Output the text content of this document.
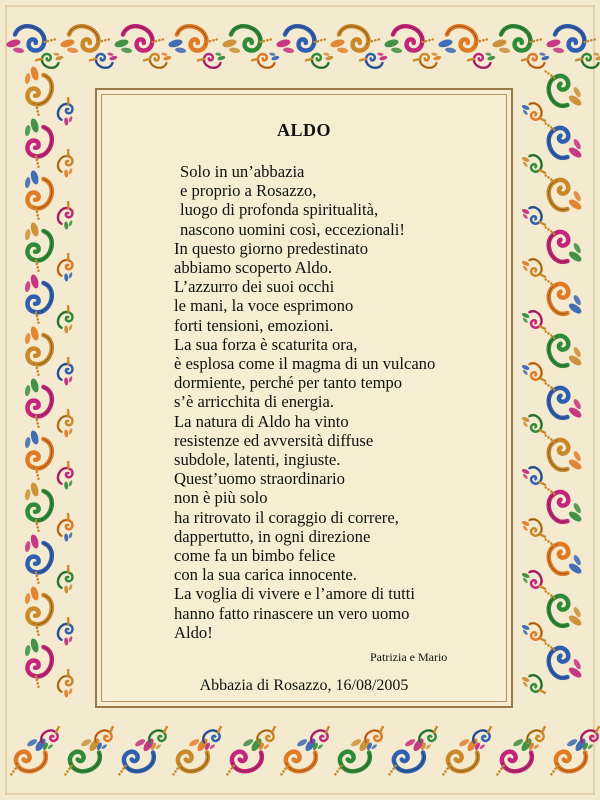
ALDO
Solo in un’abbazia
e proprio a Rosazzo,
luogo di profonda spiritualità,
nascono uomini così, eccezionali!
In questo giorno predestinato
abbiamo scoperto Aldo.
L’azzurro dei suoi occhi
le mani, la voce esprimono
forti tensioni, emozioni.
La sua forza è scaturita ora,
è esplosa come il magma di un vulcano
dormiente, perché per tanto tempo
s’è arricchita di energia.
La natura di Aldo ha vinto
resistenze ed avversità diffuse
subdole, latenti, ingiuste.
Quest’uomo straordinario
non è più solo
ha ritrovato il coraggio di correre,
dappertutto, in ogni direzione
come fa un bimbo felice
con la sua carica innocente.
La voglia di vivere e l’amore di tutti
hanno fatto rinascere un vero uomo
Aldo!
Patrizia e Mario
Abbazia di Rosazzo, 16/08/2005
